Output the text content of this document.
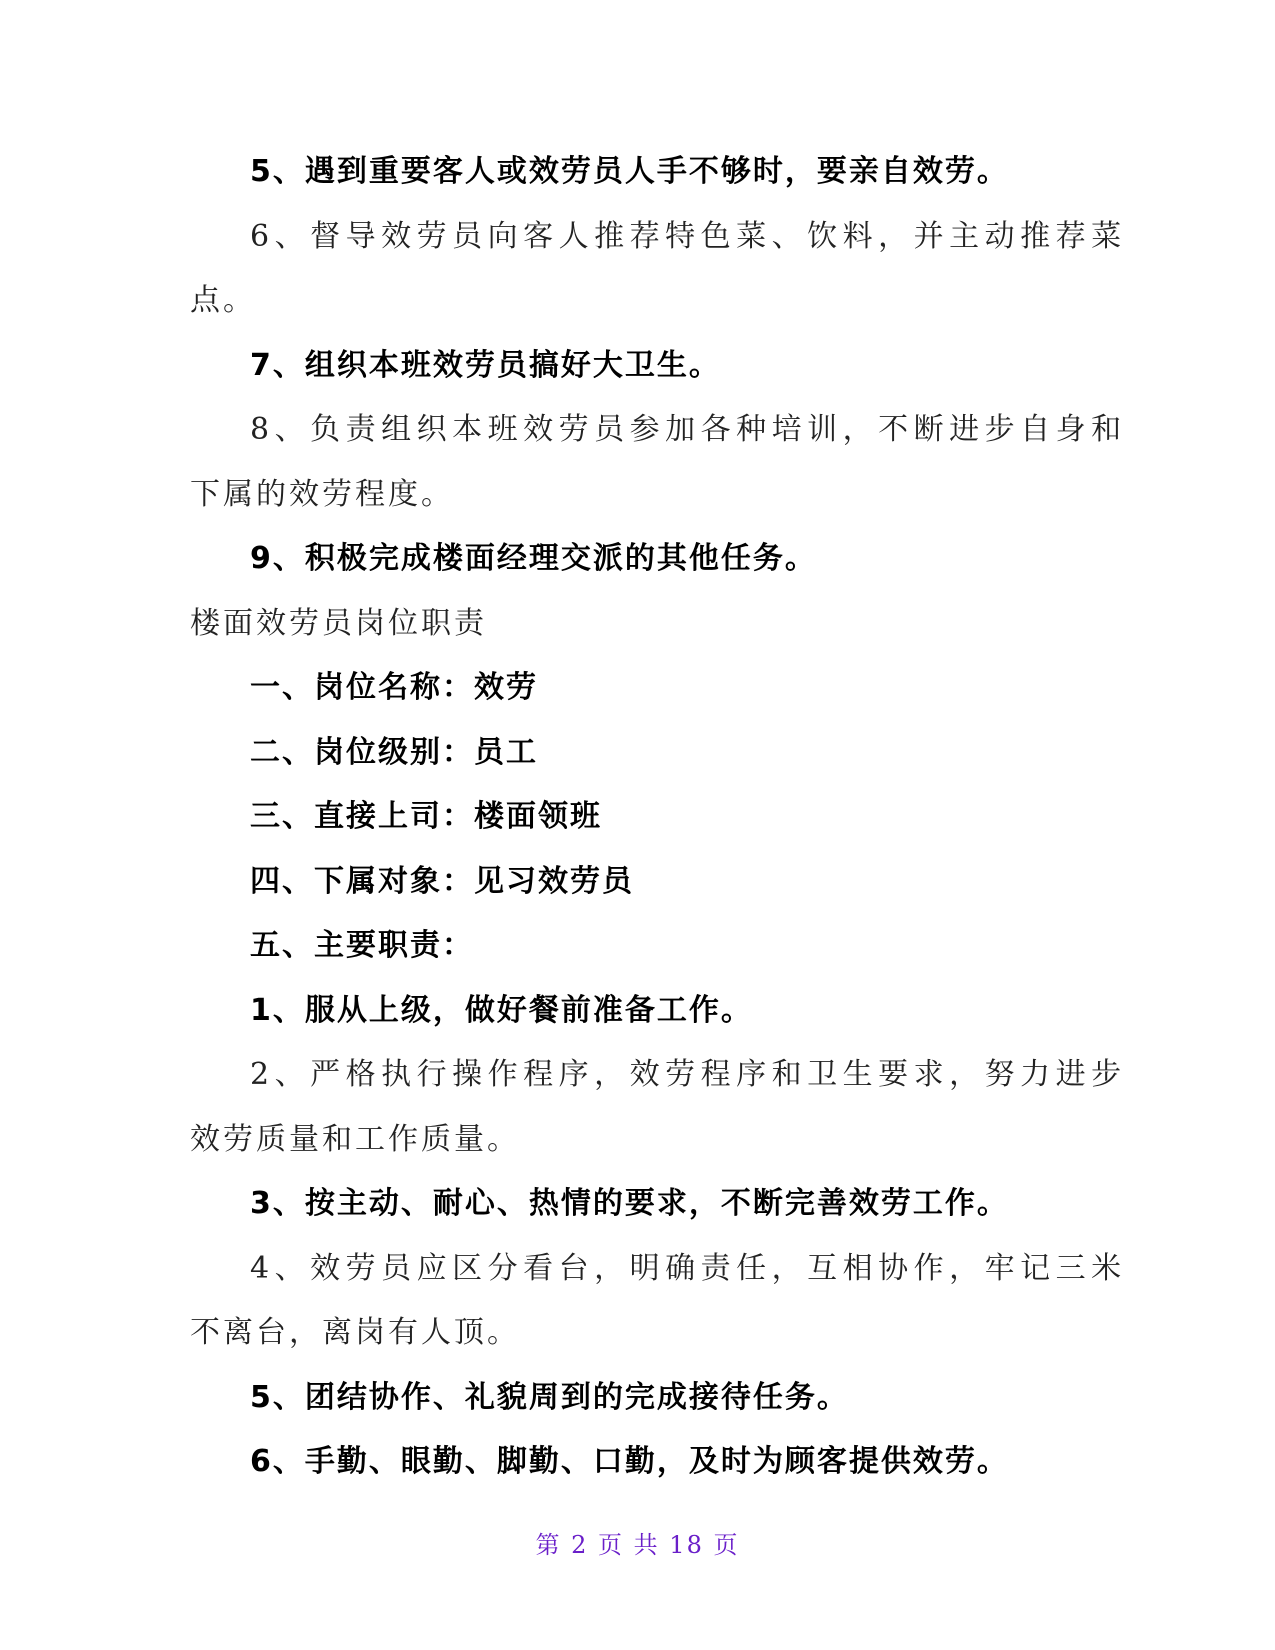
5、遇到重要客人或效劳员人手不够时，要亲自效劳。
6、督导效劳员向客人推荐特色菜、饮料，并主动推荐菜
点。
7、组织本班效劳员搞好大卫生。
8、负责组织本班效劳员参加各种培训，不断进步自身和
下属的效劳程度。
9、积极完成楼面经理交派的其他任务。
楼面效劳员岗位职责
一、岗位名称：效劳
二、岗位级别：员工
三、直接上司：楼面领班
四、下属对象：见习效劳员
五、主要职责：
1、服从上级，做好餐前准备工作。
2、严格执行操作程序，效劳程序和卫生要求，努力进步
效劳质量和工作质量。
3、按主动、耐心、热情的要求，不断完善效劳工作。
4、效劳员应区分看台，明确责任，互相协作，牢记三米
不离台，离岗有人顶。
5、团结协作、礼貌周到的完成接待任务。
6、手勤、眼勤、脚勤、口勤，及时为顾客提供效劳。
第 2 页 共 18 页
